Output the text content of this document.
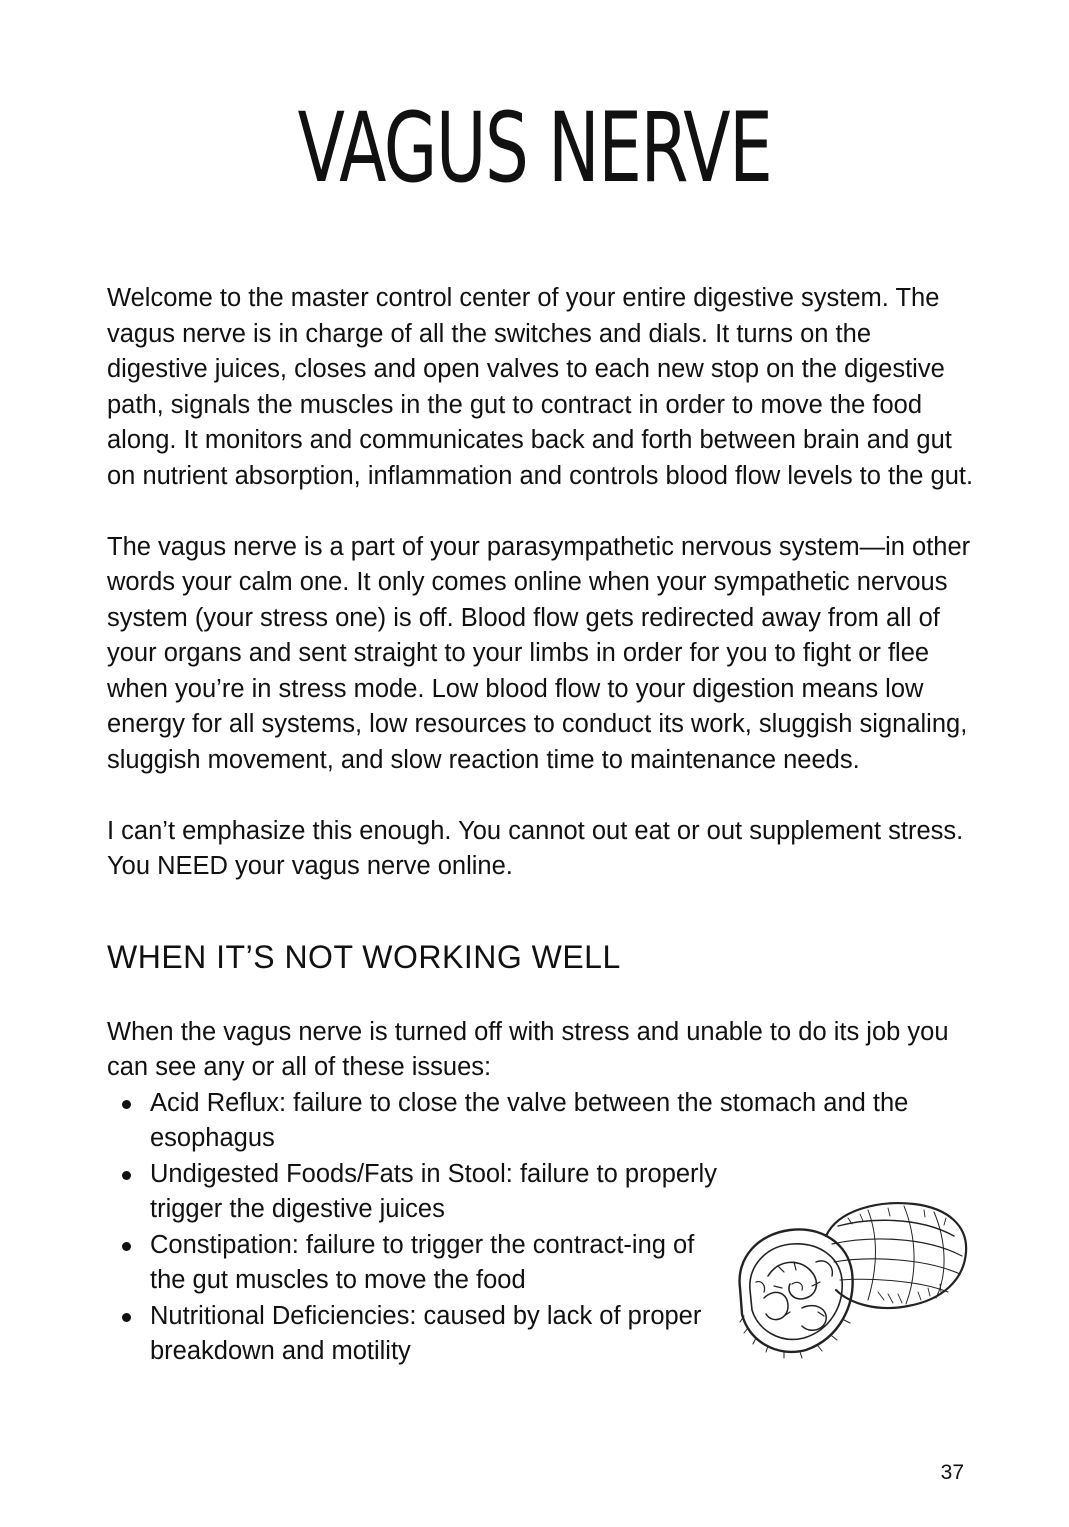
VAGUS NERVE

Welcome to the master control center of your entire digestive system. The vagus nerve is in charge of all the switches and dials. It turns on the digestive juices, closes and open valves to each new stop on the digestive path, signals the muscles in the gut to contract in order to move the food along. It monitors and communicates back and forth between brain and gut on nutrient absorption, inflammation and controls blood flow levels to the gut.

The vagus nerve is a part of your parasympathetic nervous system—in other words your calm one. It only comes online when your sympathetic nervous system (your stress one) is off. Blood flow gets redirected away from all of your organs and sent straight to your limbs in order for you to fight or flee when you’re in stress mode. Low blood flow to your digestion means low energy for all systems, low resources to conduct its work, sluggish signaling, sluggish movement, and slow reaction time to maintenance needs.

I can’t emphasize this enough. You cannot out eat or out supplement stress. You NEED your vagus nerve online.

WHEN IT’S NOT WORKING WELL

When the vagus nerve is turned off with stress and unable to do its job you can see any or all of these issues:

Acid Reflux: failure to close the valve between the stomach and the esophagus
Undigested Foods/Fats in Stool: failure to properly trigger the digestive juices
Constipation: failure to trigger the contract-ing of the gut muscles to move the food
Nutritional Deficiencies: caused by lack of proper breakdown and motility
37
